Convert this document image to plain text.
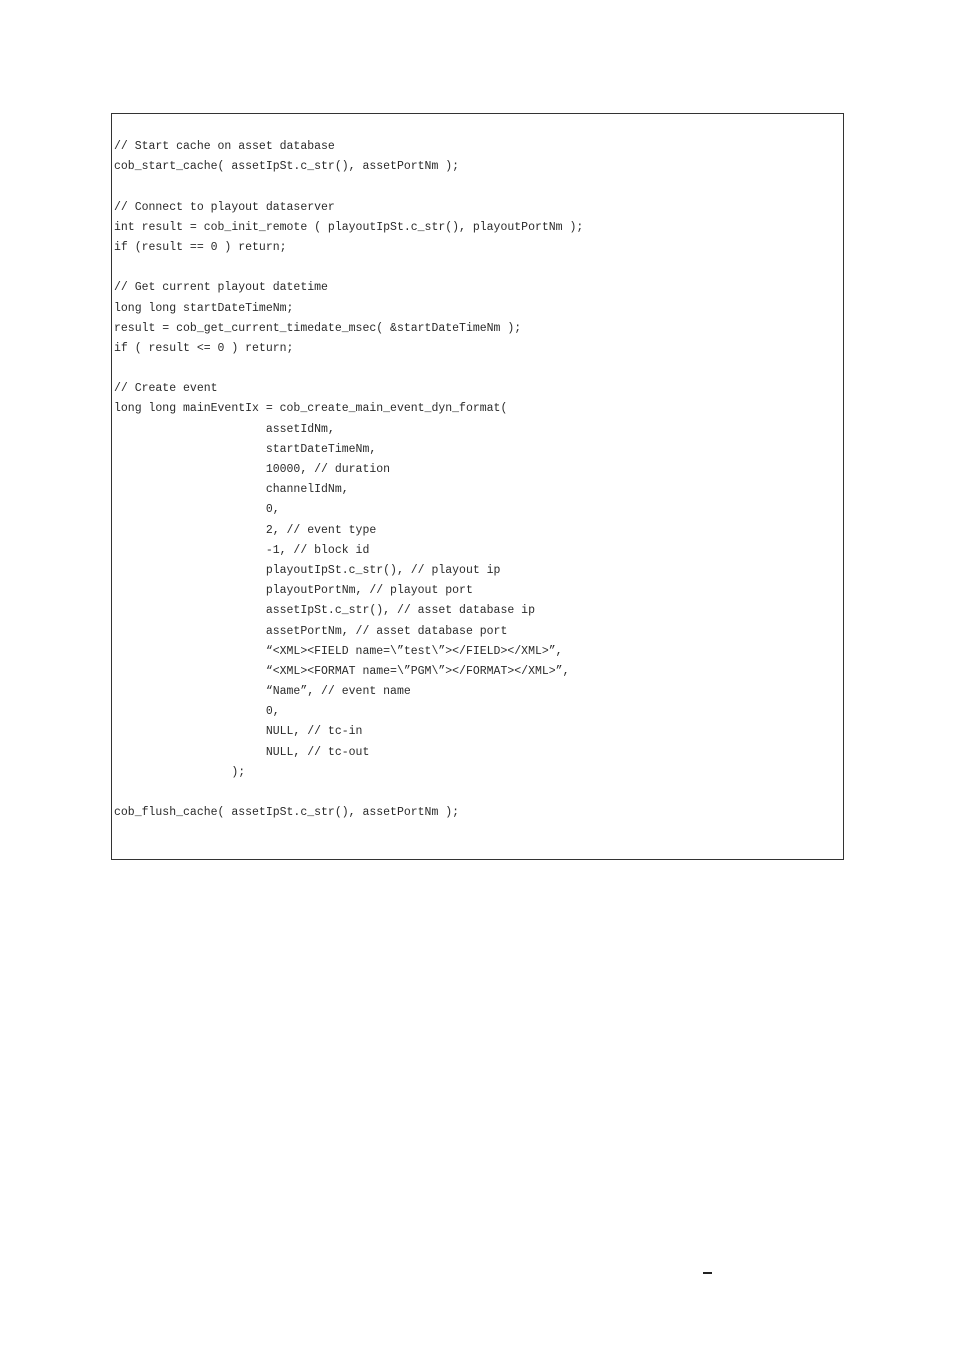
// Start cache on asset database
cob_start_cache( assetIpSt.c_str(), assetPortNm );
// Connect to playout dataserver
int result = cob_init_remote ( playoutIpSt.c_str(), playoutPortNm );
if (result == 0 ) return;
// Get current playout datetime
long long startDateTimeNm;
result = cob_get_current_timedate_msec( &startDateTimeNm );
if ( result <= 0 ) return;
// Create event
long long mainEventIx = cob_create_main_event_dyn_format(
assetIdNm,
startDateTimeNm,
10000, // duration
channelIdNm,
0,
2, // event type
-1, // block id
playoutIpSt.c_str(), // playout ip
playoutPortNm, // playout port
assetIpSt.c_str(), // asset database ip
assetPortNm, // asset database port
“<XML><FIELD name=\”test\”></FIELD></XML>”,
“<XML><FORMAT name=\”PGM\”></FORMAT></XML>”,
“Name”, // event name
0,
NULL, // tc-in
NULL, // tc-out
);
cob_flush_cache( assetIpSt.c_str(), assetPortNm );
